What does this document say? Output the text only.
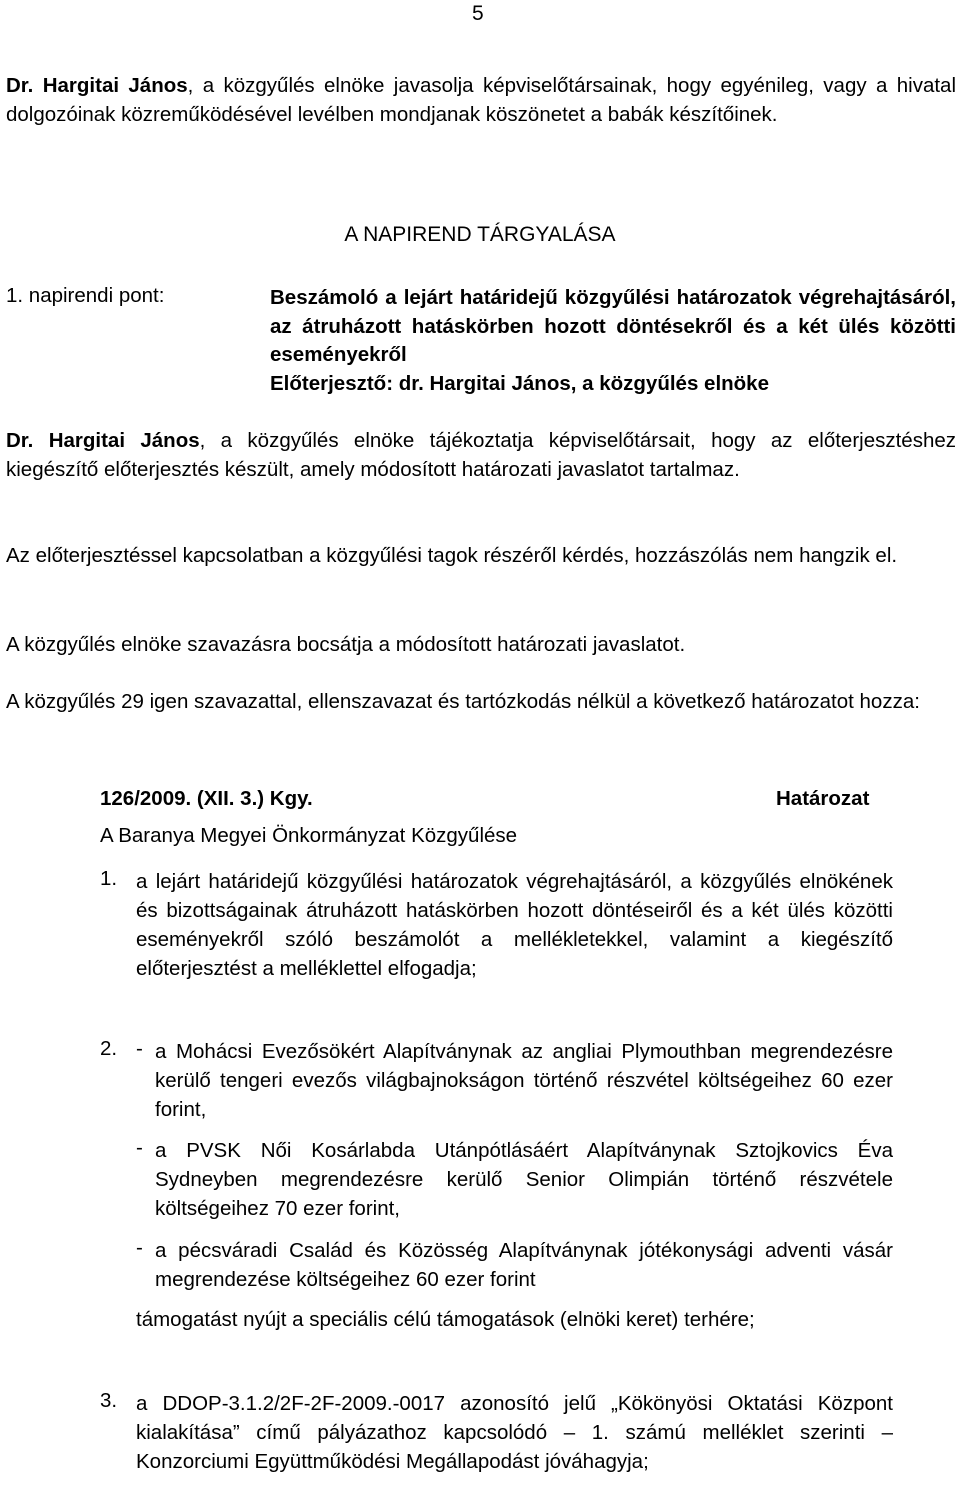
5
Dr. Hargitai János, a közgyűlés elnöke javasolja képviselőtársainak, hogy egyénileg, vagy a hivatal dolgozóinak közreműködésével levélben mondjanak köszönetet a babák készítőinek.
A NAPIREND TÁRGYALÁSA
1. napirendi pont:	Beszámoló a lejárt határidejű közgyűlési határozatok végrehajtásáról, az átruházott hatáskörben hozott döntésekről és a két ülés közötti eseményekről
Előterjesztő: dr. Hargitai János, a közgyűlés elnöke
Dr. Hargitai János, a közgyűlés elnöke tájékoztatja képviselőtársait, hogy az előterjesztéshez kiegészítő előterjesztés készült, amely módosított határozati javaslatot tartalmaz.
Az előterjesztéssel kapcsolatban a közgyűlési tagok részéről kérdés, hozzászólás nem hangzik el.
A közgyűlés elnöke szavazásra bocsátja a módosított határozati javaslatot.
A közgyűlés 29 igen szavazattal, ellenszavazat és tartózkodás nélkül a következő határozatot hozza:
126/2009. (XII. 3.) Kgy.	Határozat
A Baranya Megyei Önkormányzat Közgyűlése
1. a lejárt határidejű közgyűlési határozatok végrehajtásáról, a közgyűlés elnökének és bizottságainak átruházott hatáskörben hozott döntéseiről és a két ülés közötti eseményekről szóló beszámolót a mellékletekkel, valamint a kiegészítő előterjesztést a melléklettel elfogadja;
2. - a Mohácsi Evezősökért Alapítványnak az angliai Plymouthban megrendezésre kerülő tengeri evezős világbajnokságon történő részvétel költségeihez 60 ezer forint,
- a PVSK Női Kosárlabda Utánpótlásáért Alapítványnak Sztojkovics Éva Sydneyben megrendezésre kerülő Senior Olimpián történő részvétele költségeihez 70 ezer forint,
- a pécsváradi Család és Közösség Alapítványnak jótékonysági adventi vásár megrendezése költségeihez 60 ezer forint
támogatást nyújt a speciális célú támogatások (elnöki keret) terhére;
3. a DDOP-3.1.2/2F-2F-2009.-0017 azonosító jelű „Kökönyösi Oktatási Központ kialakítása” című pályázathoz kapcsolódó – 1. számú melléklet szerinti – Konzorciumi Együttműködési Megállapodást jóváhagyja;
